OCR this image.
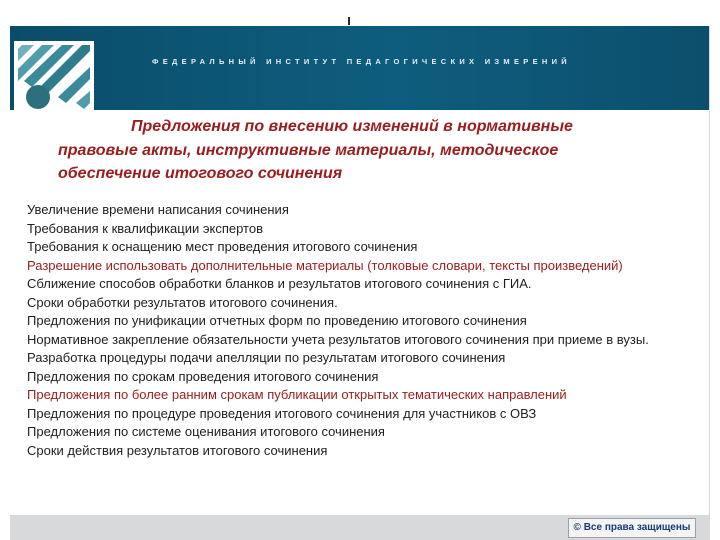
ФЕДЕРАЛЬНЫЙ ИНСТИТУТ ПЕДАГОГИЧЕСКИХ ИЗМЕРЕНИЙ
Предложения по внесению изменений в нормативные
правовые акты, инструктивные материалы, методическое
обеспечение итогового сочинения
Увеличение времени написания сочинения
Требования к квалификации экспертов
Требования к оснащению мест проведения итогового сочинения
Разрешение использовать дополнительные материалы (толковые словари, тексты произведений)
Сближение способов обработки бланков и результатов итогового сочинения с ГИА.
Сроки обработки результатов итогового сочинения.
Предложения по унификации отчетных форм по проведению итогового сочинения
Нормативное закрепление обязательности учета результатов итогового сочинения при приеме в вузы.
Разработка процедуры подачи апелляции по результатам итогового сочинения
Предложения по срокам проведения итогового сочинения
Предложения по более ранним срокам публикации открытых тематических направлений
Предложения по процедуре проведения итогового сочинения для участников с ОВЗ
Предложения по системе оценивания итогового сочинения
Сроки действия результатов итогового сочинения
© Все права защищены
